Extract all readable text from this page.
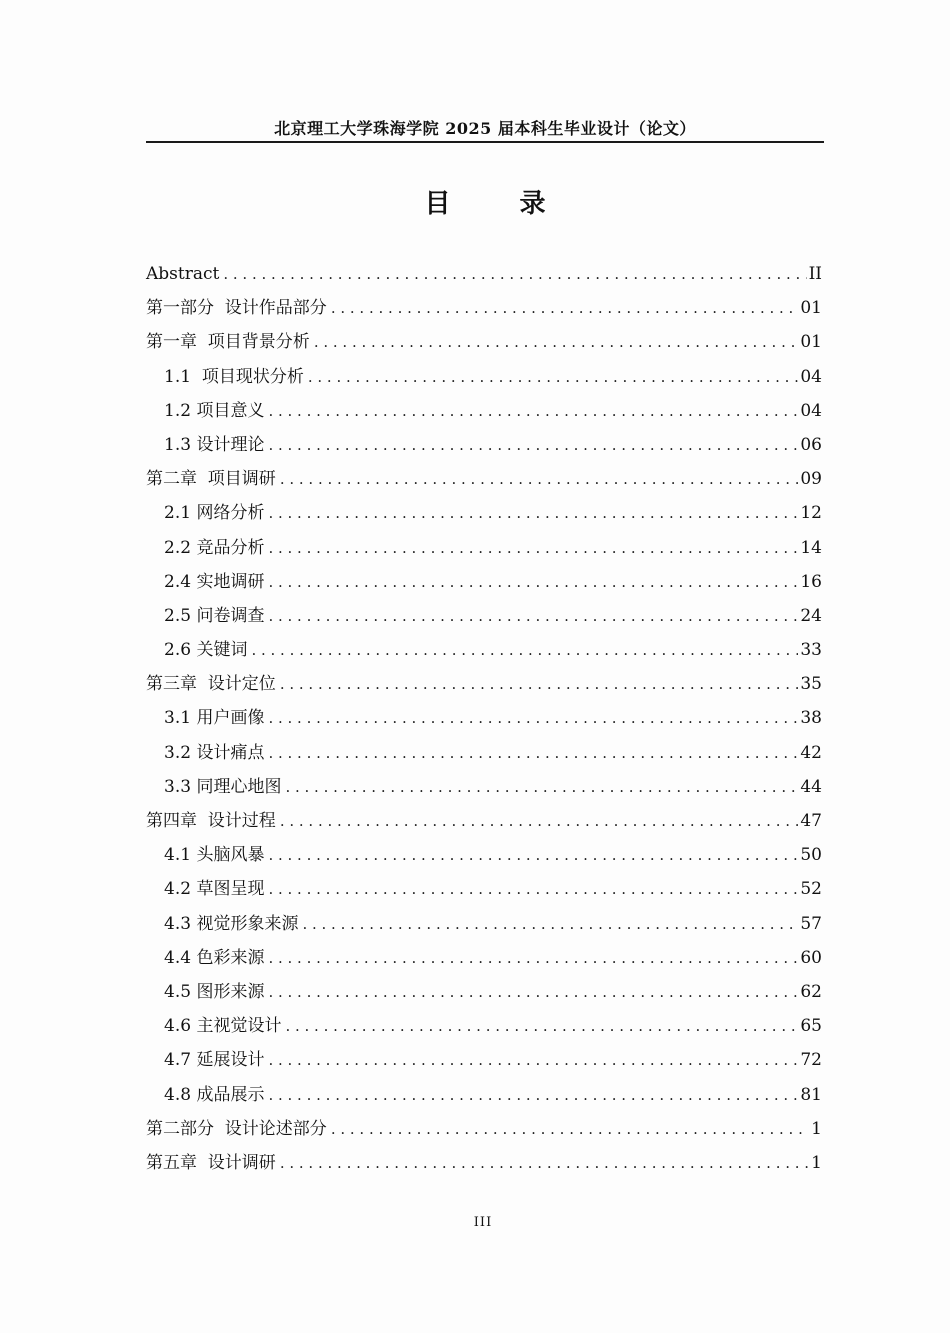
北京理工大学珠海学院 2025 届本科生毕业设计（论文）
目 录
Abstract . . .	II
第一部分  设计作品部分 . . .	01
第一章  项目背景分析 . . .	01
1.1  项目现状分析 . . .	04
1.2 项目意义 . . .	04
1.3 设计理论 . . .	06
第二章  项目调研 . . .	09
2.1 网络分析 . . .	12
2.2 竞品分析 . . .	14
2.4 实地调研 . . .	16
2.5 问卷调查 . . .	24
2.6 关键词 . . .	33
第三章  设计定位 . . .	35
3.1 用户画像 . . .	38
3.2 设计痛点 . . .	42
3.3 同理心地图 . . .	44
第四章  设计过程 . . .	47
4.1 头脑风暴 . . .	50
4.2 草图呈现 . . .	52
4.3 视觉形象来源 . . .	57
4.4 色彩来源 . . .	60
4.5 图形来源 . . .	62
4.6 主视觉设计 . . .	65
4.7 延展设计 . . .	72
4.8 成品展示 . . .	81
第二部分  设计论述部分 . . .	1
第五章  设计调研 . . .	1
III
